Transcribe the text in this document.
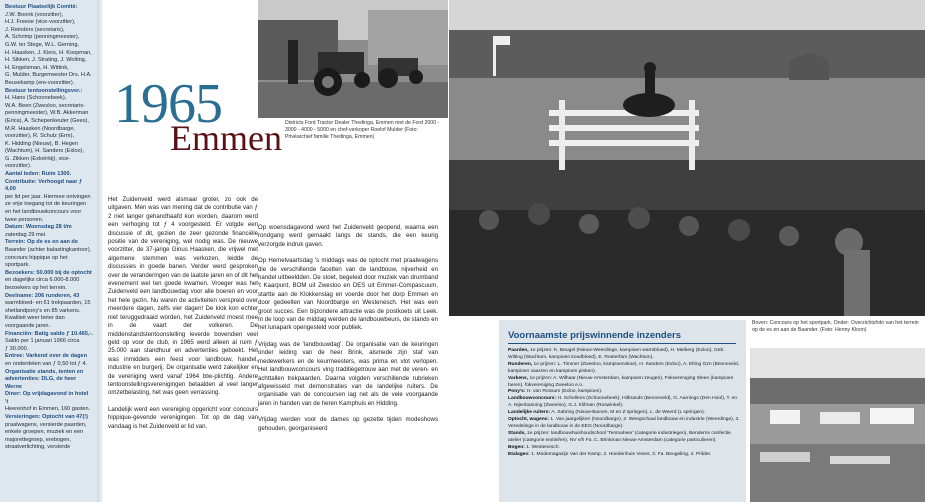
Bestuur Plaatselijk Comité:

J.W. Boonk (voorzitter),

H.J. Freese (vice-voorzitter),

J. Reinders (secretaris),

A. Schrimp (penningmeester),

G.W. ter Stege, W.L. Gerning,

H. Haasken, J. Kiers, H. Koopman,

H. Sikken, J. Strating, J. Wolting,

H. Engelsman, H. Wittink,

G. Mulder, Burgemeester Drs. H.A.

Beusekamp (ere-voorzitter).

Bestuur tentoonstellingsver.:

H. Hans (Schoonebeek),

W.A. Been (Zwesloo, secretaris-

penningmeester), W.B. Akkerman

(Erica), A. Schepenkeuter (Gees),

M.R. Haasken (Noordbarge,

voorzitter), R. Schulz (Erm),

K. Hidding (Nieuw), B. Hegen

(Wachtum), H. Sanders (Exloo),

G. Zikken (Exloërkij), vice-

voorzitter).

Aantal leden: Ruim 1300.

Contributie: Verhoogd naar ƒ 4,00

per lid per jaar. Hiermee ontvingen

ze vrije toegang tot de keuringen

en het landbouwkoncours voor

twee personen.

Datum: Woensdag 28 t/m

zaterdag 29 mei.

Terrein: Op de es en aan de

Baander (achter balastingkantoor),

concours hippique op het

sportpark.

Bezoekers: 50.000 bij de optocht

en dagelijks circa 6.000-8.000

bezoekers op het terrein.

Deelname: 206 runderen, 43

warmbloed- en 61 trekpaarden, 15

shetlandpony's en 85 varkens.

Kwaliteit weer beter dan

voorgaande jaren.

Financiën: Batig saldo ƒ 10.465,-.

Saldo per 1 januari 1966 circa

ƒ 30.000.

Entree: Varkend over de dagen

en onderdelen van ƒ 0,50 tot ƒ 4.

Organisatie stands, tenten en

advertenties: DLG, de heer Werne

Diner: Op vrijdagavond in hotel 't

Heerenhof in Emmen, 160 gasten.

Versieringen: Optocht van 47(!)

praalwagens, versierde paarden,

enkele groepen, muziek en een

majorettegroep, erebogen,

straatverlichting, versierde

1965
Emmen Districts Ford Tractor Dealer Thedinga, Emmen met de Ford 2000 - 3000 - 4000 - 5000 en chef-verkoper Roelof Mulder (Foto: Privéarchief familie Thedinga, Emmen)

Het Zuidenveld werd alsmaar groter, zo ook de uitgaven. Men was van mening dat de contributie van ƒ 2 niet langer gehandhaafd kon worden, daarom werd een verhoging tot ƒ 4 voorgesteld. Er volgde een discussie of dit, gezien de zeer gezonde financiële positie van de vereniging, wel nodig was. De nieuwe voorzitter, de 37-jarige Ginus Haasken, die vrijwel met algemene stemmen was verkozen, leidde de discussies in goede banen. Verder werd gesproken over de veranderingen van de laatste jaren en of dit het evenement wel ten goede kwamen. Vroeger was het Zuidenveld een landbouwdag voor alle boeren en voor het hele gezin. Nu waren de activiteiten verspreid over meerdere dagen, zelfs vier dagen! De klok kon echter niet teruggedraaid worden, het Zuidenveld moest mee in de vaart der volkeren. De middenstandstentoonstelling leverde bovendien veel geld op voor de club, in 1965 werd alleen al ruim ƒ 25.000 aan standhuur en advertenties geboekt. Het was inmiddels een feest voor landbouw, handel, industrie en burgerij. De organisatie werd zakelijker en de vereniging werd vanaf 1964 btw-plichtig. Andere tentoonstellingsverenigingen betaalden al veel langer omzetbelasting, het was geen verrassing.

Landelijk werd een vereniging opgericht voor concours hippique-gevende verenigingen. Tot op de dag van vandaag is het Zuidenveld er lid van.

Op woensdagavond werd het Zuidenveld geopend, waarna een rondgang werd gemaakt langs de stands, die een keurig verzorgde indruk gaven.

Op Hemelvaartsdag 's middags was de optocht met praalwagens die de verschillende facetten van de landbouw, nijverheid en handel uitbeeldden. De stoet, begeleid door muziek van drumband 't Kaarpunt, BOM uit Zwesloo en DES uit Emmer-Compascuum, startte aan de Klokkenslag en voerde door het dorp Emmen en door gedeelten van Noordbarge en Westenesch. Het was een groot succes. Een bijzondere attractie was de postkoets uit Leek. In de loop van de middag werden de landbouwbeurs, de stands en het lunapark opengesteld voor publiek.

Vrijdag was de 'landbouwdag'. De organisatie van de keuringen onder leiding van de heer Brink, alsmede zijn staf van medewerkers en de keurmeesters, was prima en vlot verlopen. Het landbouwconcours ving traditiegetrouw aan met de veren- en achttallen trekpaarden. Daarna volgden verschillende rubrieken afgewisseld met demonstraties van de landelijke ruiters. De organisatie van de concoursen lag net als de vele voorgaande jaren in handen van de heren Kamphuis en Hidding.

Vrijdag werden voor de dames op gezette tijden modeshows gehouden, georganiseerd

Voornaamste prijswinnende inzenders

Paarden, 1e prijzen: K. Beugel (Nieuw-Weerdinge, kampioen warmbloed), H. Meiberg (Exloo), Geb. Wilting (Wachtum, kampioen koudbloed), E. Roeterfam (Wachtum).

Runderen, 1e prijzen: L. Timmer (Zweeloo, kampioenskoe), H. Sanders (Exloo), A. Elting Gzn (Benneveld, kampioen vaarzen en kampioen pinken).

Varkens, 1e prijzen: A. Wilhaar (Nieuw-Amsterdam, kampioen zeugen), Fokvereniging Sleen (kampioen beren), fokvereniging Zweeloo e.o.

Pony's: H. van Rossum (Exloo, kampioen).

Landbouwconcours: H. Schellens (Schoonebeek), Hilbrands (Benneveld), G. Aarnings (Den Hool), T. en A. Nijenbanning (Zweeloo), G.J. Klifman (Roswinkel).

Landelijke ruiters: A. Sabring (Nieuw-Buinen, M en Z springen), L. de Weerd (L springen).

Optocht, wagens: 1. Van jaargelijken (Noordbarge), 2. Weegschaal landbouw en industrie (Weerdinge), 3. Veredelinge in de landbouw in de EEG (Noordbarge).

Stands, 1e prijzen: landbouwhuishoudschool 'Tenmaheer' (categorie industriegen), Benderns confectie atelier (categorie textiel/en), NV v/h Fa. C. Brinkman Nieuw-Amsterdam (categorie particulieren).

Bogen: 1. Westenesch.

Etalages: 1. Modemagazijn Van der Kamp, 2. Hoedenhuis Visser, 3. Fa. Beugeling, 4. Prilder.

Boven: Concours op het sportpark. Onder: Overzichtsfoto van het terrein op de es en aan de Baander. (Foto: Henny Kloon)
